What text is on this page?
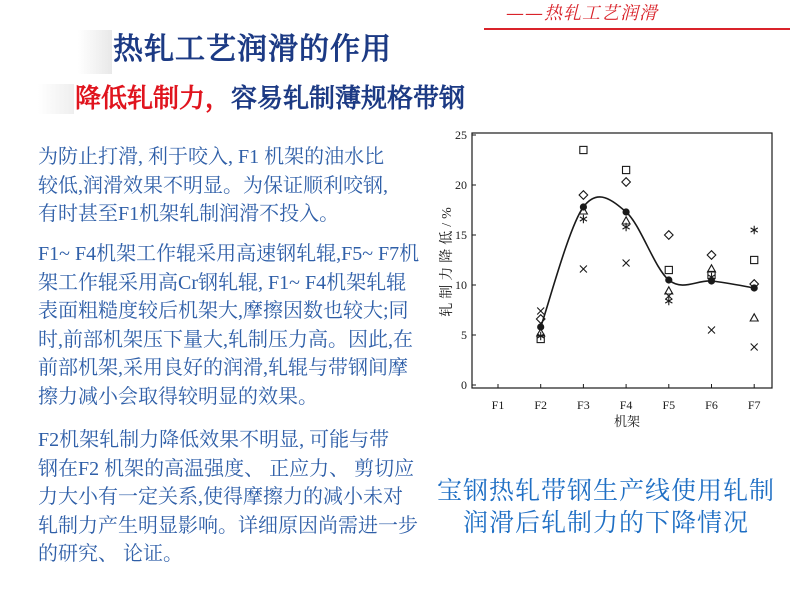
——热轧工艺润滑
热轧工艺润滑的作用
降低轧制力，容易轧制薄规格带钢
为防止打滑, 利于咬入, F1 机架的油水比
较低,润滑效果不明显。为保证顺利咬钢,
有时甚至F1机架轧制润滑不投入。
F1~ F4机架工作辊采用高速钢轧辊,F5~ F7机
架工作辊采用高Cr钢轧辊, F1~ F4机架轧辊
表面粗糙度较后机架大,摩擦因数也较大;同
时,前部机架压下量大,轧制压力高。因此,在
前部机架,采用良好的润滑,轧辊与带钢间摩
擦力减小会取得较明显的效果。
F2机架轧制力降低效果不明显, 可能与带
钢在F2 机架的高温强度、 正应力、 剪切应
力大小有一定关系,使得摩擦力的减小未对
轧制力产生明显影响。详细原因尚需进一步
的研究、 论证。
0
5
10
15
20
25
F1	F2	F3	F4	F5	F6	F7
机架
轧制力降低/%
宝钢热轧带钢生产线使用轧制
润滑后轧制力的下降情况
